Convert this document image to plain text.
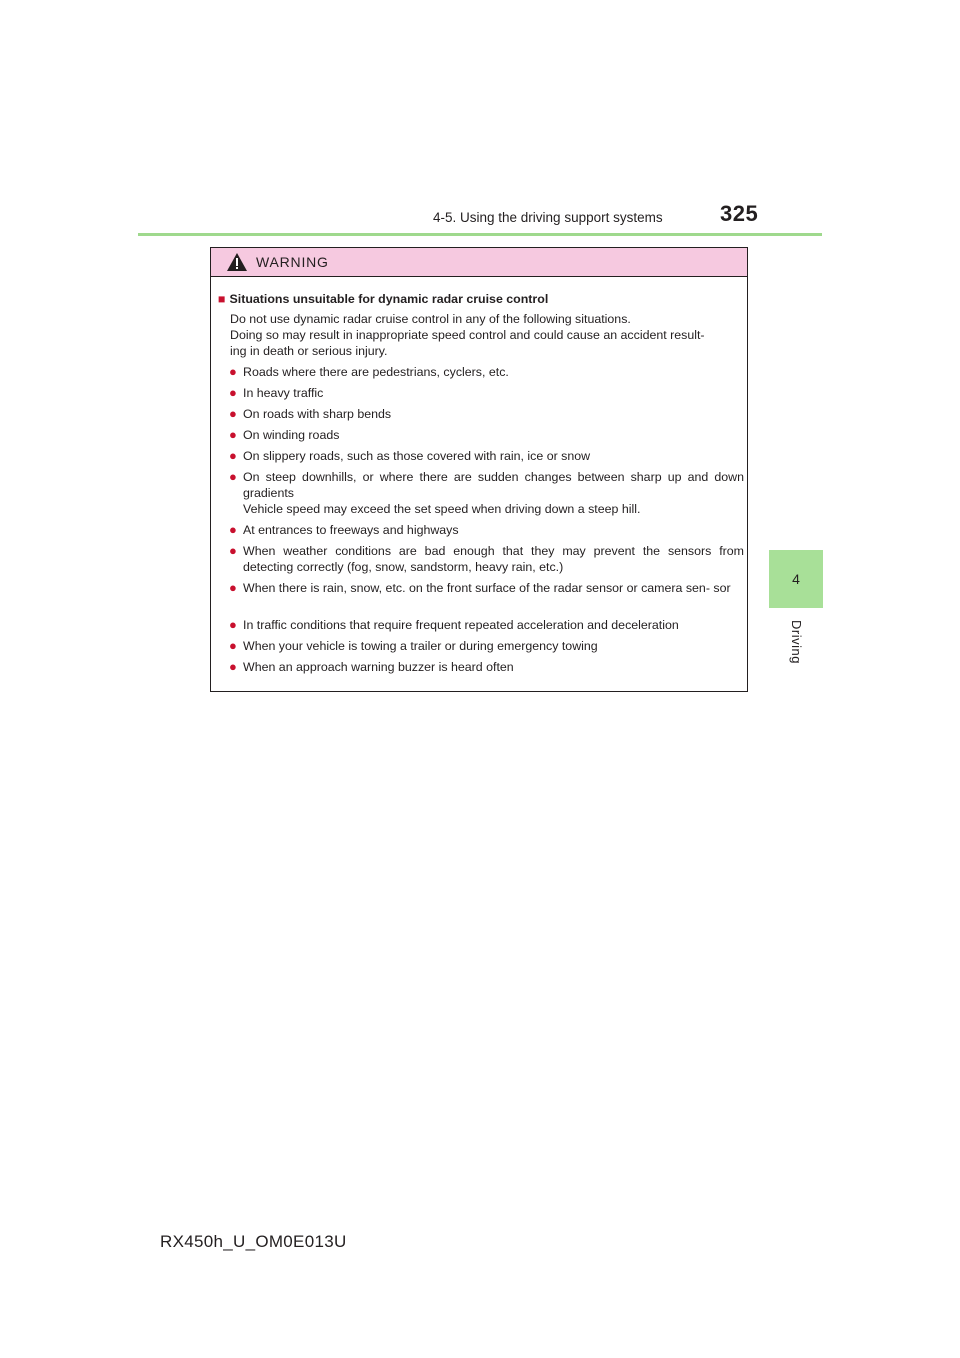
4-5. Using the driving support systems	325
4
Driving
WARNING
■ Situations unsuitable for dynamic radar cruise control
Do not use dynamic radar cruise control in any of the following situations.
Doing so may result in inappropriate speed control and could cause an accident result-
ing in death or serious injury.
● Roads where there are pedestrians, cyclers, etc.
● In heavy traffic
● On roads with sharp bends
● On winding roads
● On slippery roads, such as those covered with rain, ice or snow
● On steep downhills, or where there are sudden changes between sharp up and down gradients
Vehicle speed may exceed the set speed when driving down a steep hill.
● At entrances to freeways and highways
● When weather conditions are bad enough that they may prevent the sensors from detecting correctly (fog, snow, sandstorm, heavy rain, etc.)
● When there is rain, snow, etc. on the front surface of the radar sensor or camera sen- sor
● In traffic conditions that require frequent repeated acceleration and deceleration
● When your vehicle is towing a trailer or during emergency towing
● When an approach warning buzzer is heard often
RX450h_U_OM0E013U
